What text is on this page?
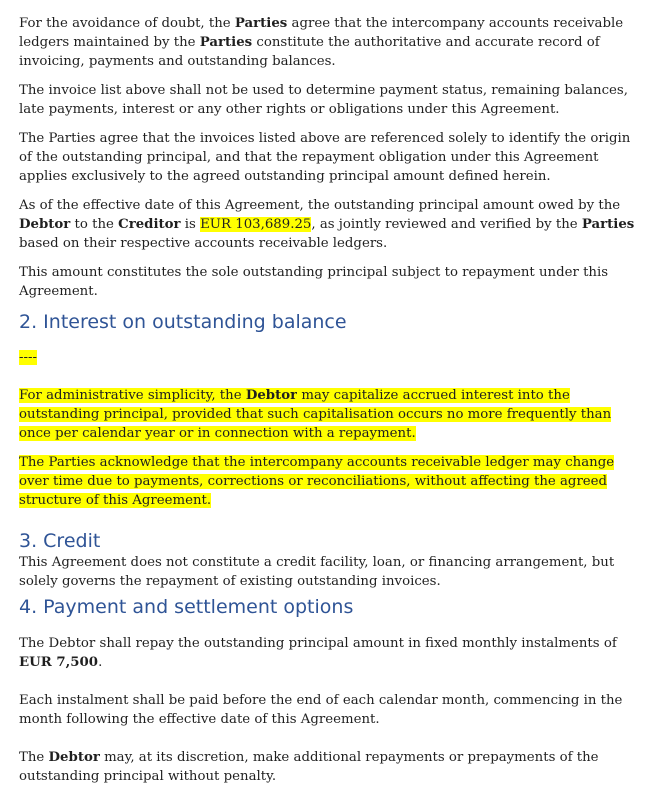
For the avoidance of doubt, the Parties agree that the intercompany accounts receivable ledgers maintained by the Parties constitute the authoritative and accurate record of invoicing, payments and outstanding balances.

The invoice list above shall not be used to determine payment status, remaining balances, late payments, interest or any other rights or obligations under this Agreement.

The Parties agree that the invoices listed above are referenced solely to identify the origin of the outstanding principal, and that the repayment obligation under this Agreement applies exclusively to the agreed outstanding principal amount defined herein.

As of the effective date of this Agreement, the outstanding principal amount owed by the Debtor to the Creditor is EUR 103,689.25, as jointly reviewed and verified by the Parties based on their respective accounts receivable ledgers.

This amount constitutes the sole outstanding principal subject to repayment under this Agreement.

2. Interest on outstanding balance

----

For administrative simplicity, the Debtor may capitalize accrued interest into the outstanding principal, provided that such capitalisation occurs no more frequently than once per calendar year or in connection with a repayment.

The Parties acknowledge that the intercompany accounts receivable ledger may change over time due to payments, corrections or reconciliations, without affecting the agreed structure of this Agreement.

3. Credit

This Agreement does not constitute a credit facility, loan, or financing arrangement, but solely governs the repayment of existing outstanding invoices.

4. Payment and settlement options

The Debtor shall repay the outstanding principal amount in fixed monthly instalments of EUR 7,500.

Each instalment shall be paid before the end of each calendar month, commencing in the month following the effective date of this Agreement.

The Debtor may, at its discretion, make additional repayments or prepayments of the outstanding principal without penalty.
